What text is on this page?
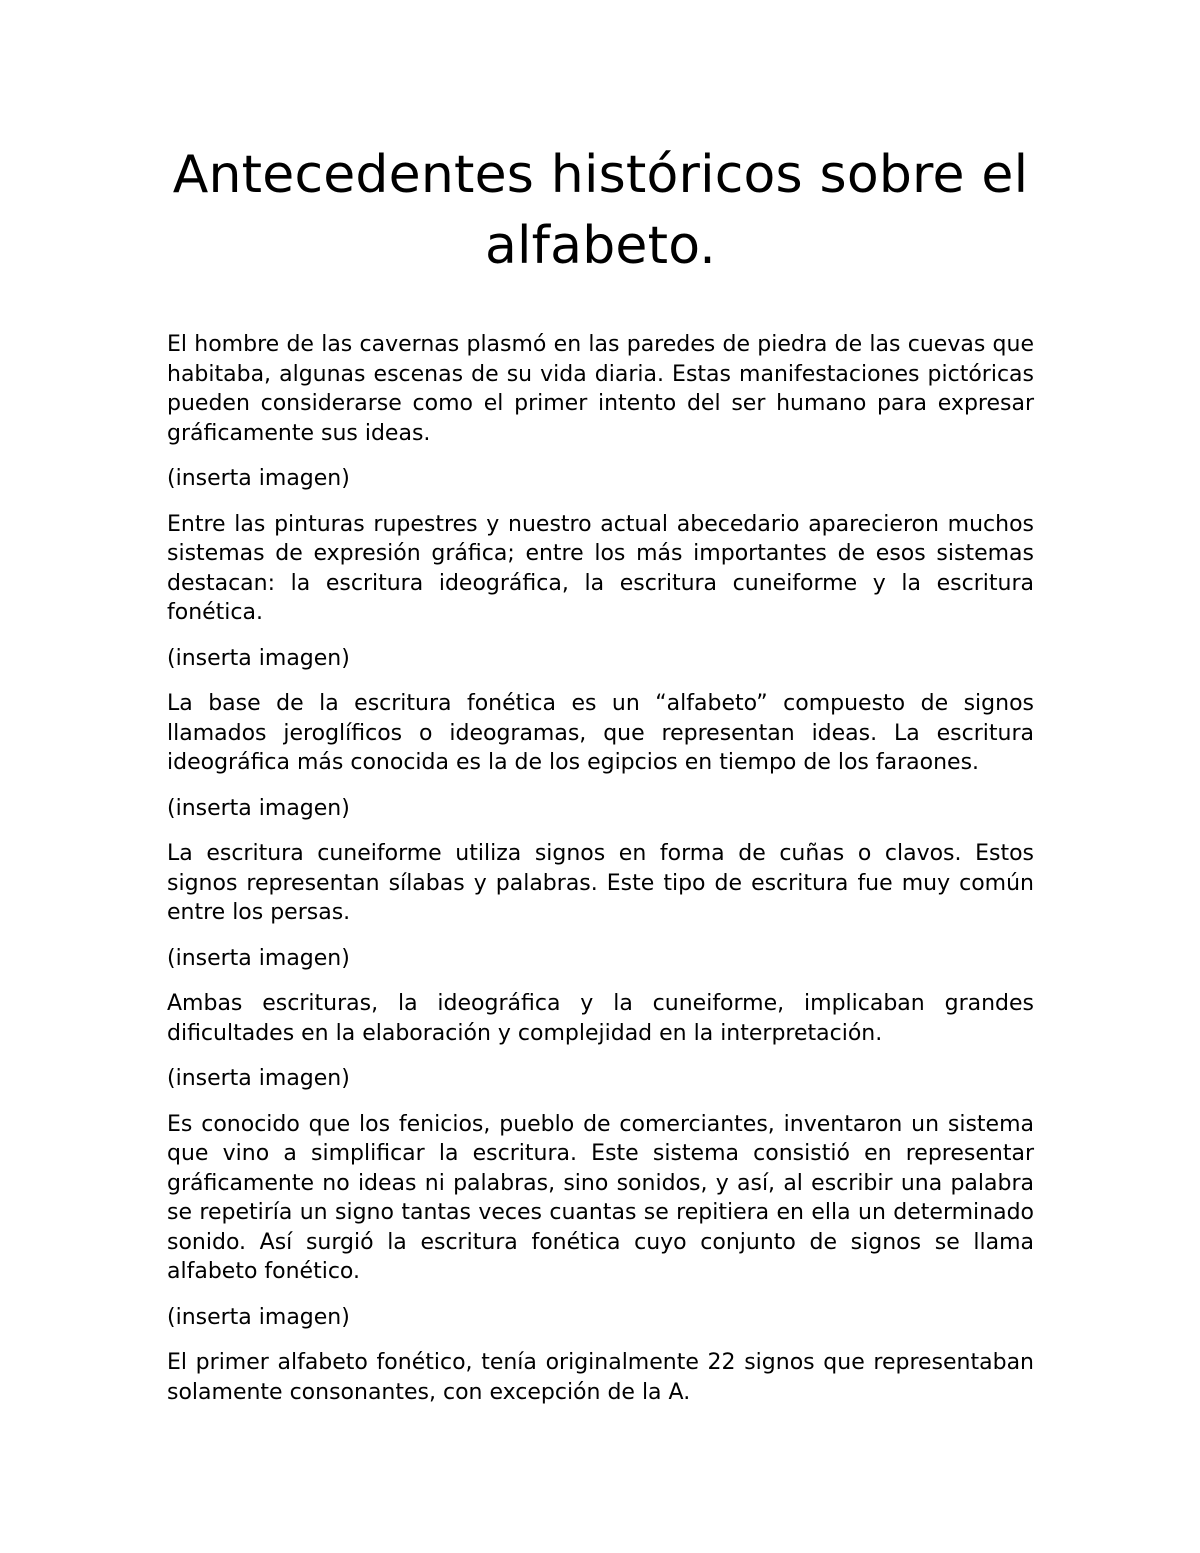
Antecedentes históricos sobre el alfabeto.

El hombre de las cavernas plasmó en las paredes de piedra de las cuevas que habitaba, algunas escenas de su vida diaria. Estas manifestaciones pictóricas pueden considerarse como el primer intento del ser humano para expresar gráficamente sus ideas.

(inserta imagen)

Entre las pinturas rupestres y nuestro actual abecedario aparecieron muchos sistemas de expresión gráfica; entre los más importantes de esos sistemas destacan: la escritura ideográfica, la escritura cuneiforme y la escritura fonética.

(inserta imagen)

La base de la escritura fonética es un “alfabeto” compuesto de signos llamados jeroglíficos o ideogramas, que representan ideas. La escritura ideográfica más conocida es la de los egipcios en tiempo de los faraones.

(inserta imagen)

La escritura cuneiforme utiliza signos en forma de cuñas o clavos. Estos signos representan sílabas y palabras. Este tipo de escritura fue muy común entre los persas.

(inserta imagen)

Ambas escrituras, la ideográfica y la cuneiforme, implicaban grandes dificultades en la elaboración y complejidad en la interpretación.

(inserta imagen)

Es conocido que los fenicios, pueblo de comerciantes, inventaron un sistema que vino a simplificar la escritura. Este sistema consistió en representar gráficamente no ideas ni palabras, sino sonidos, y así, al escribir una palabra se repetiría un signo tantas veces cuantas se repitiera en ella un determinado sonido. Así surgió la escritura fonética cuyo conjunto de signos se llama alfabeto fonético.

(inserta imagen)

El primer alfabeto fonético, tenía originalmente 22 signos que representaban solamente consonantes, con excepción de la A.
